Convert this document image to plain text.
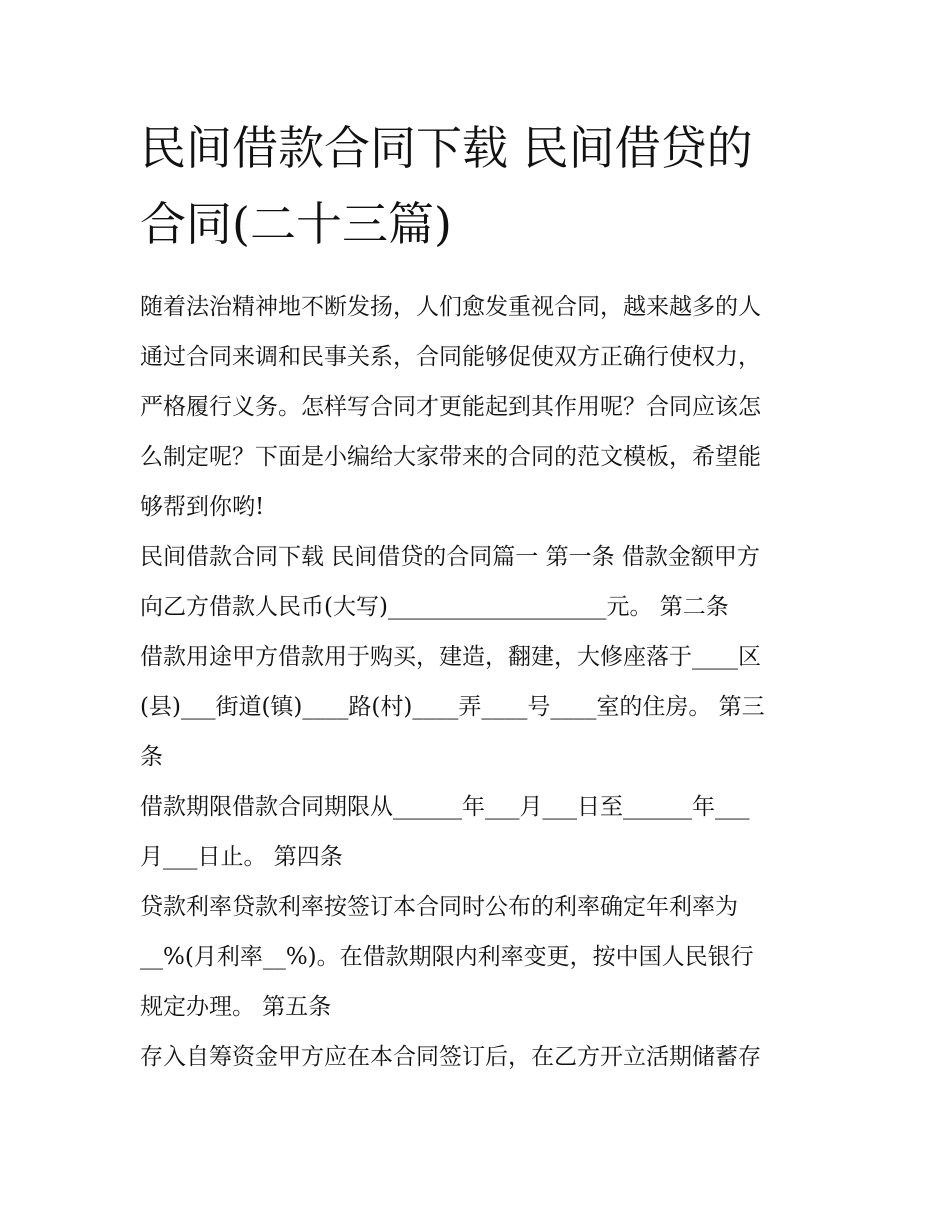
民间借款合同下载 民间借贷的
合同(二十三篇)
随着法治精神地不断发扬，人们愈发重视合同，越来越多的人
通过合同来调和民事关系，合同能够促使双方正确行使权力，
严格履行义务。怎样写合同才更能起到其作用呢？合同应该怎
么制定呢？下面是小编给大家带来的合同的范文模板，希望能
够帮到你哟!
民间借款合同下载 民间借贷的合同篇一 第一条 借款金额甲方
向乙方借款人民币(大写)___________________元。 第二条
借款用途甲方借款用于购买，建造，翻建，大修座落于____区
(县)___街道(镇)____路(村)____弄____号____室的住房。 第三
条
借款期限借款合同期限从______年___月___日至______年___
月___日止。 第四条
贷款利率贷款利率按签订本合同时公布的利率确定年利率为
__%(月利率__%)。在借款期限内利率变更，按中国人民银行
规定办理。 第五条
存入自筹资金甲方应在本合同签订后，在乙方开立活期储蓄存
